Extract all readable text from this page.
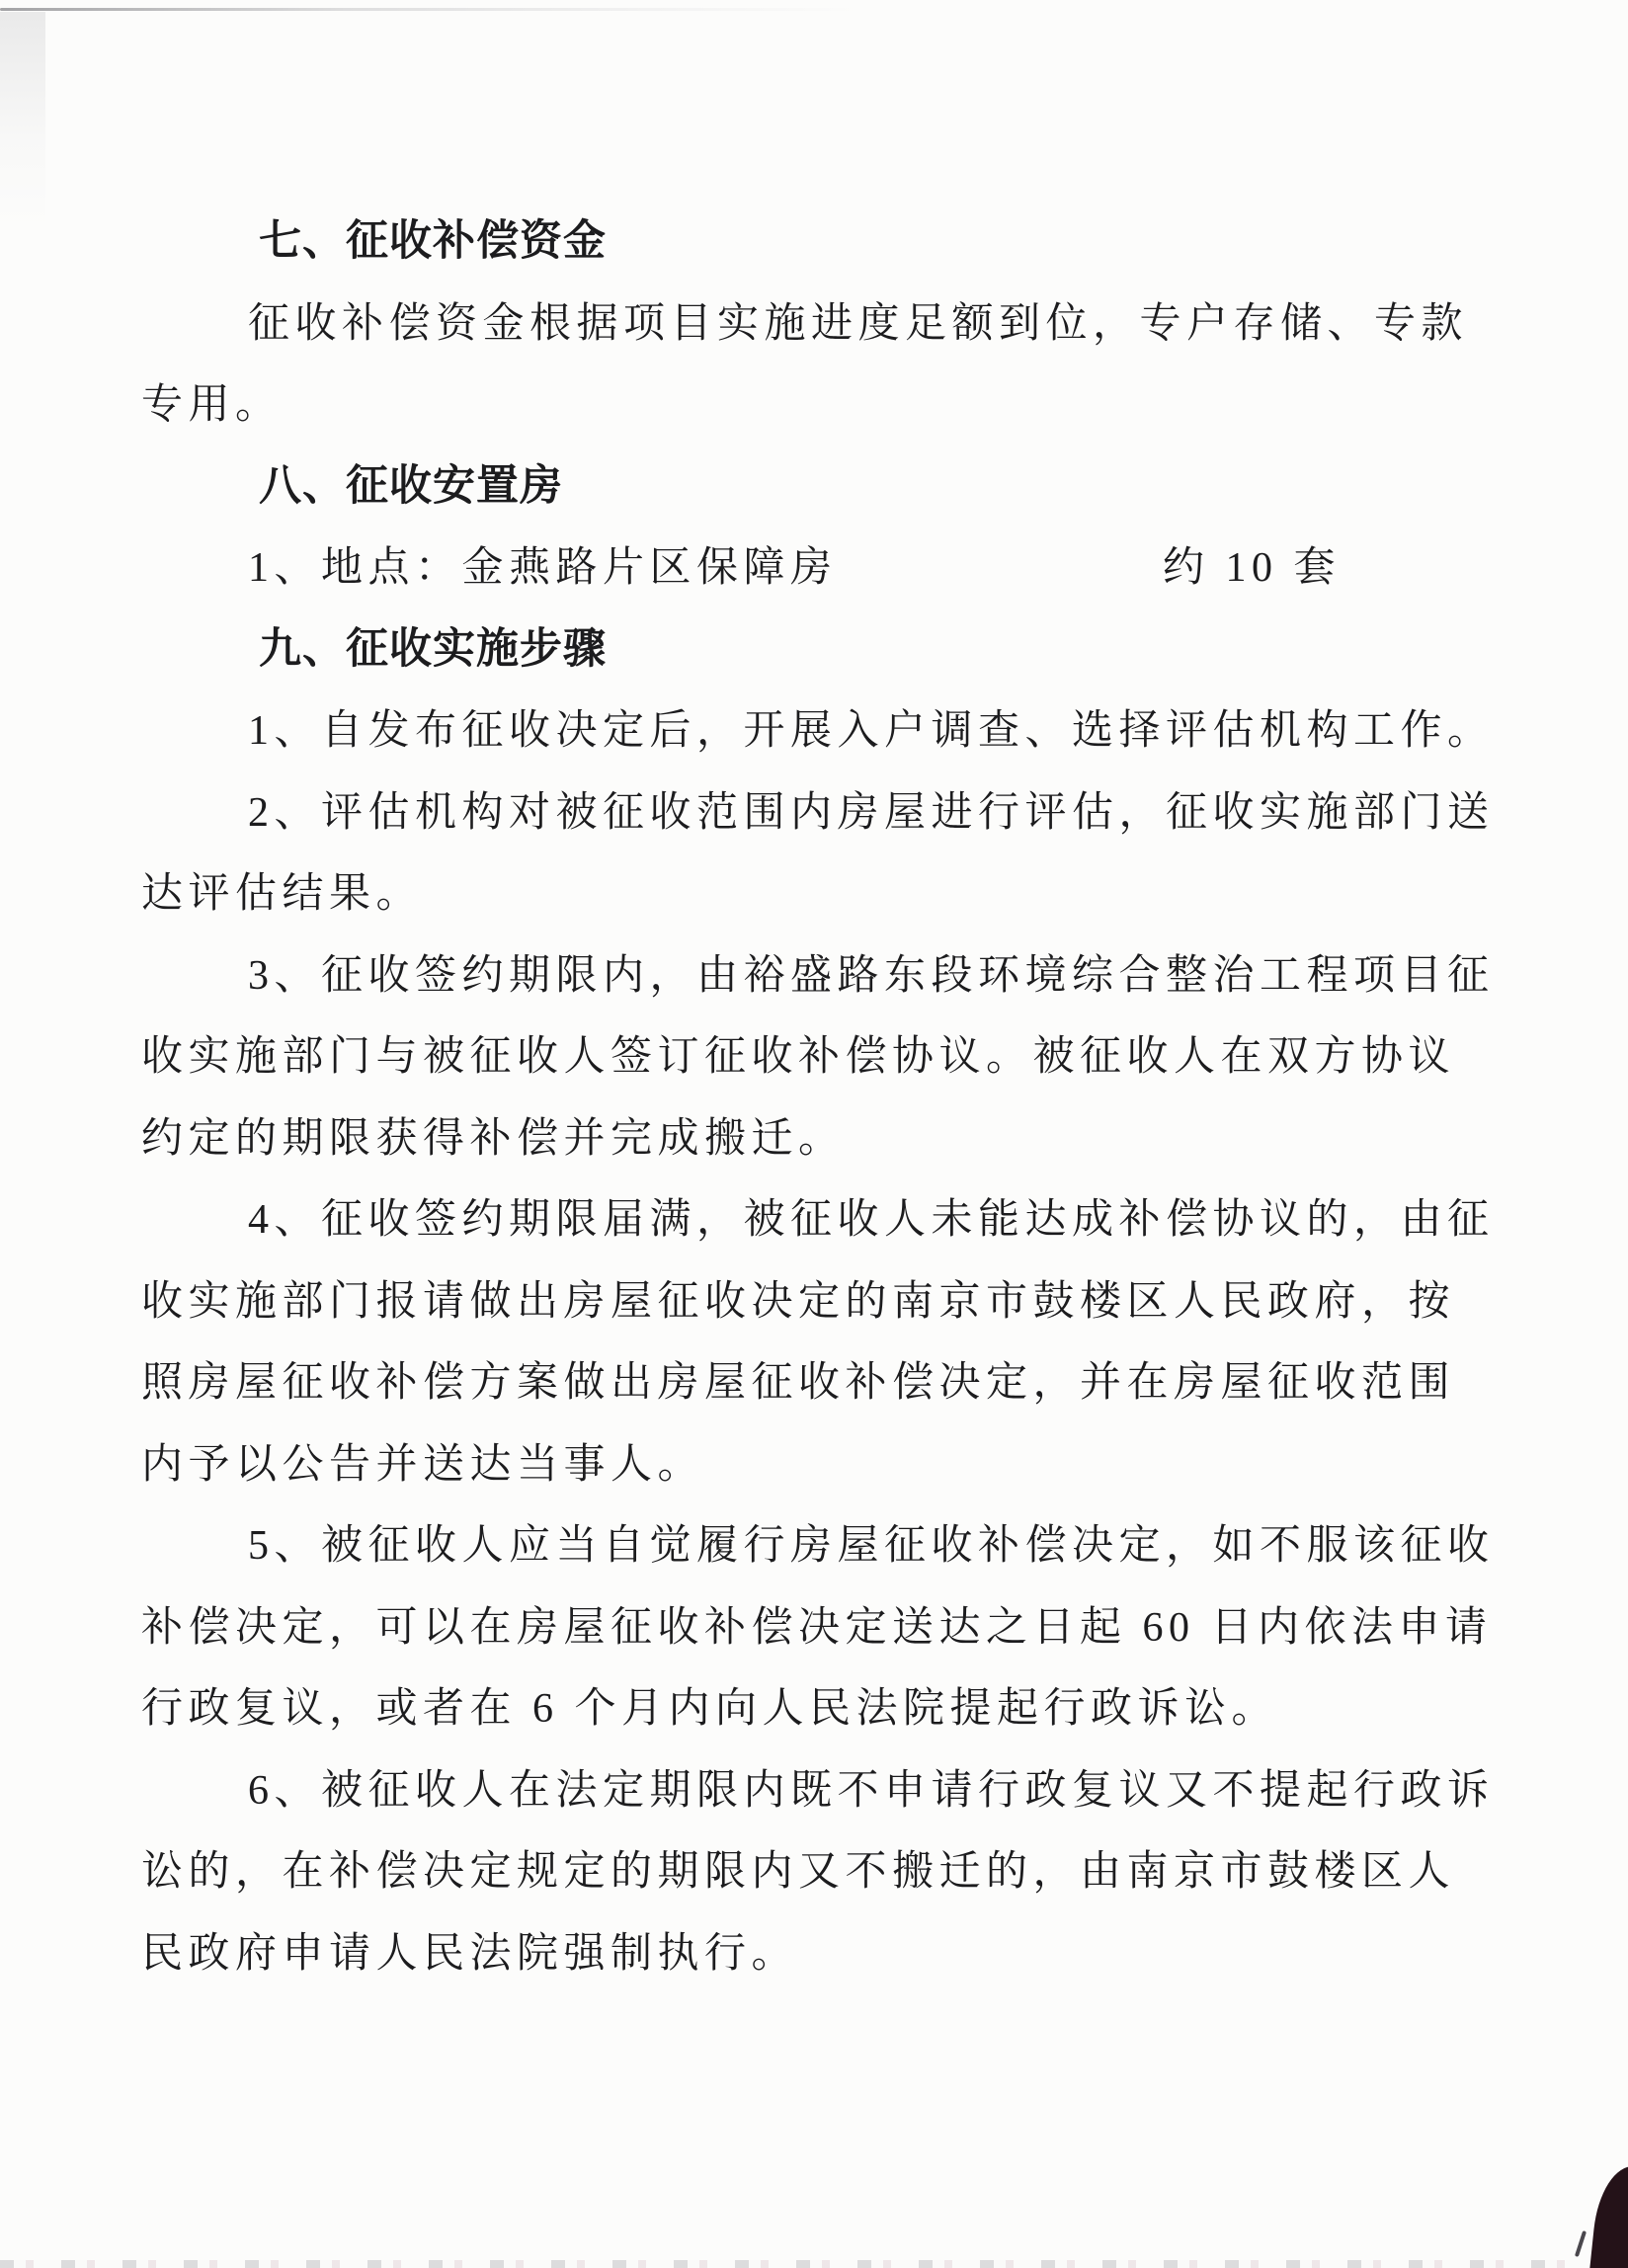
七、征收补偿资金
征收补偿资金根据项目实施进度足额到位，专户存储、专款
专用。
八、征收安置房
1、地点：金燕路片区保障房	约 10 套
九、征收实施步骤
1、自发布征收决定后，开展入户调查、选择评估机构工作。
2、评估机构对被征收范围内房屋进行评估，征收实施部门送
达评估结果。
3、征收签约期限内，由裕盛路东段环境综合整治工程项目征
收实施部门与被征收人签订征收补偿协议。被征收人在双方协议
约定的期限获得补偿并完成搬迁。
4、征收签约期限届满，被征收人未能达成补偿协议的，由征
收实施部门报请做出房屋征收决定的南京市鼓楼区人民政府，按
照房屋征收补偿方案做出房屋征收补偿决定，并在房屋征收范围
内予以公告并送达当事人。
5、被征收人应当自觉履行房屋征收补偿决定，如不服该征收
补偿决定，可以在房屋征收补偿决定送达之日起 60 日内依法申请
行政复议，或者在 6 个月内向人民法院提起行政诉讼。
6、被征收人在法定期限内既不申请行政复议又不提起行政诉
讼的，在补偿决定规定的期限内又不搬迁的，由南京市鼓楼区人
民政府申请人民法院强制执行。
